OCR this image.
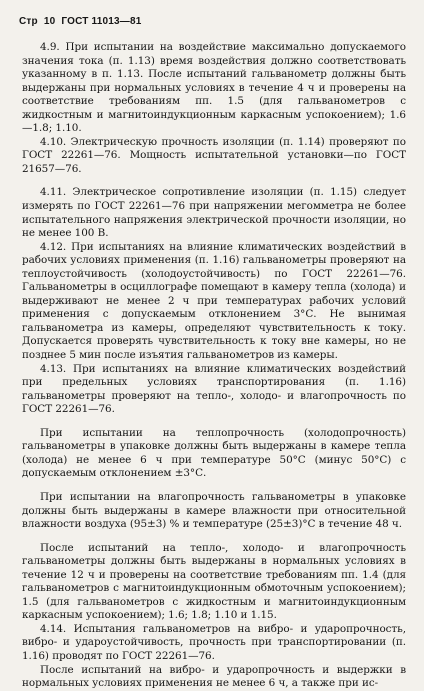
Стр 10 ГОСТ 11013—81

4.9. При испытании на воздействие максимально допускаемого значения тока (п. 1.13) время воздействия должно соответствовать указанному в п. 1.13. После испытаний гальванометр должны быть выдержаны при нормальных условиях в течение 4 ч и проверены на соответствие требованиям пп. 1.5 (для гальванометров с жидкостным и магнитоиндукционным каркасным успокоением); 1.6—1.8; 1.10.

4.10. Электрическую прочность изоляции (п. 1.14) проверяют по ГОСТ 22261—76. Мощность испытательной установки—по ГОСТ 21657—76.

4.11. Электрическое сопротивление изоляции (п. 1.15) следует измерять по ГОСТ 22261—76 при напряжении мегомметра не более испытательного напряжения электрической прочности изоляции, но не менее 100 В.

4.12. При испытаниях на влияние климатических воздействий в рабочих условиях применения (п. 1.16) гальванометры проверяют на теплоустойчивость (холодоустойчивость) по ГОСТ 22261—76. Гальванометры в осциллографе помещают в камеру тепла (холода) и выдерживают не менее 2 ч при температурах рабочих условий применения с допускаемым отклонением 3°С. Не вынимая гальванометра из камеры, определяют чувствительность к току. Допускается проверять чувствительность к току вне камеры, но не позднее 5 мин после изъятия гальванометров из камеры.

4.13. При испытаниях на влияние климатических воздействий при предельных условиях транспортирования (п. 1.16) гальванометры проверяют на тепло-, холодо- и влагопрочность по ГОСТ 22261—76.

При испытании на теплопрочность (холодопрочность) гальванометры в упаковке должны быть выдержаны в камере тепла (холода) не менее 6 ч при температуре 50°С (минус 50°С) с допускаемым отклонением ±3°С.

При испытании на влагопрочность гальванометры в упаковке должны быть выдержаны в камере влажности при относительной влажности воздуха (95±3) % и температуре (25±3)°С в течение 48 ч.

После испытаний на тепло-, холодо- и влагопрочность гальванометры должны быть выдержаны в нормальных условиях в течение 12 ч и проверены на соответствие требованиям пп. 1.4 (для гальванометров с магнитоиндукционным обмоточным успокоением); 1.5 (для гальванометров с жидкостным и магнитоиндукционным каркасным успокоением); 1.6; 1.8; 1.10 и 1.15.

4.14. Испытания гальванометров на вибро- и ударопрочность, вибро- и удароустойчивость, прочность при транспортировании (п. 1.16) проводят по ГОСТ 22261—76.

После испытаний на вибро- и ударопрочность и выдержки в нормальных условиях применения не менее 6 ч, а также при ис-
